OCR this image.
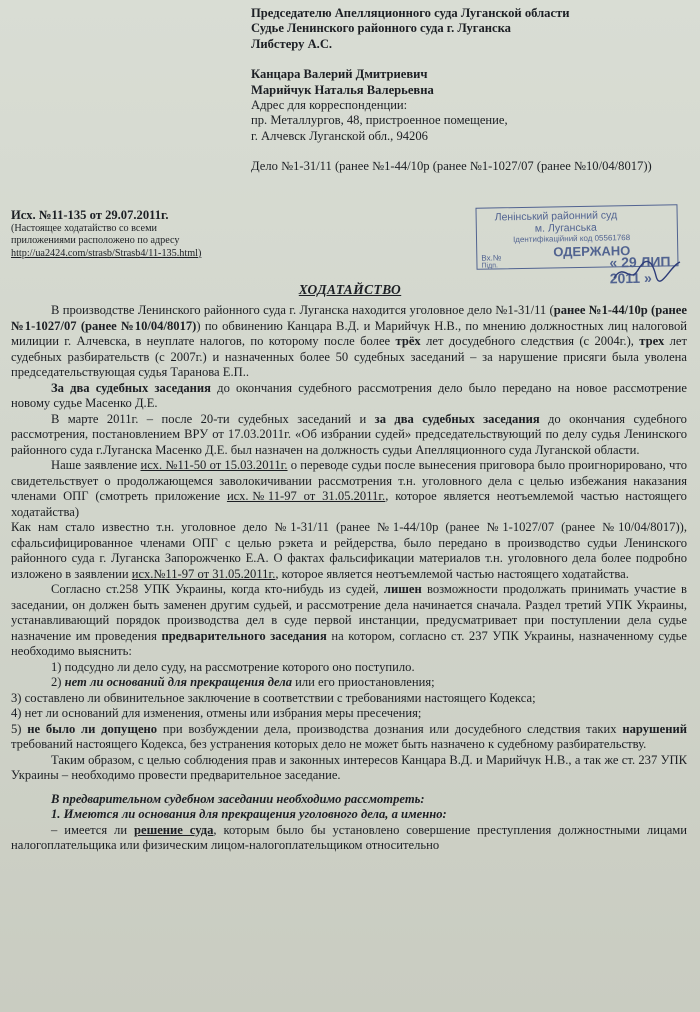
Председателю Апелляционного суда Луганской области
Судье Ленинского районного суда г. Луганска
Либстеру А.С.
Канцара Валерий Дмитриевич
Марийчук Наталья Валерьевна
Адрес для корреспонденции:
пр. Металлургов, 48, пристроенное помещение,
г. Алчевск Луганской обл., 94206
Дело №1-31/11 (ранее №1-44/10р (ранее №1-1027/07 (ранее №10/04/8017))
Исх. №11-135 от 29.07.2011г.
(Настоящее ходатайство со всеми
приложениями расположено по адресу
http://ua2424.com/strasb/Strasb4/11-135.html)
Ленінський районний суд
м. Луганська
Ідентифікаційний код 05561768
ОДЕРЖАНО
Вх.№
Підп.	« 29 ЛИП 2011 »
ХОДАТАЙСТВО

В производстве Ленинского районного суда г. Луганска находится уголовное дело №1-31/11 (ранее №1-44/10р (ранее №1-1027/07 (ранее №10/04/8017)) по обвинению Канцара В.Д. и Марийчук Н.В., по мнению должностных лиц налоговой милиции г. Алчевска, в неуплате налогов, по которому после более трёх лет досудебного следствия (с 2004г.), трех лет судебных разбирательств (с 2007г.) и назначенных более 50 судебных заседаний – за нарушение присяги была уволена председательствующая судья Таранова Е.П..

За два судебных заседания до окончания судебного рассмотрения дело было передано на новое рассмотрение новому судье Масенко Д.Е.

В марте 2011г. – после 20-ти судебных заседаний и за два судебных заседания до окончания судебного рассмотрения, постановлением ВРУ от 17.03.2011г. «Об избрании судей» председательствующий по делу судья Ленинского районного суда г.Луганска Масенко Д.Е. был назначен на должность судьи Апелляционного суда Луганской области.

Наше заявление исх. №11-50 от 15.03.2011г. о переводе судьи после вынесения приговора было проигнорировано, что свидетельствует о продолжающемся заволокичивании рассмотрения т.н. уголовного дела с целью избежания наказания членами ОПГ (смотреть приложение исх.№11-97 от 31.05.2011г., которое является неотъемлемой частью настоящего ходатайства)

Как нам стало известно т.н. уголовное дело №1-31/11 (ранее №1-44/10р (ранее №1-1027/07 (ранее №10/04/8017)), сфальсифицированное членами ОПГ с целью рэкета и рейдерства, было передано в производство судьи Ленинского районного суда г. Луганска Запорожченко Е.А. О фактах фальсификации материалов т.н. уголовного дела более подробно изложено в заявлении исх.№11-97 от 31.05.2011г., которое является неотъемлемой частью настоящего ходатайства.

Согласно ст.258 УПК Украины, когда кто-нибудь из судей, лишен возможности продолжать принимать участие в заседании, он должен быть заменен другим судьей, и рассмотрение дела начинается сначала. Раздел третий УПК Украины, устанавливающий порядок производства дел в суде первой инстанции, предусматривает при поступлении дела судье назначение им проведения предварительного заседания на котором, согласно ст. 237 УПК Украины, назначенному судье необходимо выяснить:

1) подсудно ли дело суду, на рассмотрение которого оно поступило.

2) нет ли оснований для прекращения дела или его приостановления;

3) составлено ли обвинительное заключение в соответствии с требованиями настоящего Кодекса;

4) нет ли оснований для изменения, отмены или избрания меры пресечения;

5) не было ли допущено при возбуждении дела, производства дознания или досудебного следствия таких нарушений требований настоящего Кодекса, без устранения которых дело не может быть назначено к судебному разбирательству.

Таким образом, с целью соблюдения прав и законных интересов Канцара В.Д. и Марийчук Н.В., а так же ст. 237 УПК Украины – необходимо провести предварительное заседание.

В предварительном судебном заседании необходимо рассмотреть:

1. Имеются ли основания для прекращения уголовного дела, а именно:

– имеется ли решение суда, которым было бы установлено совершение преступления должностными лицами налогоплательщика или физическим лицом-налогоплательщиком относительно
